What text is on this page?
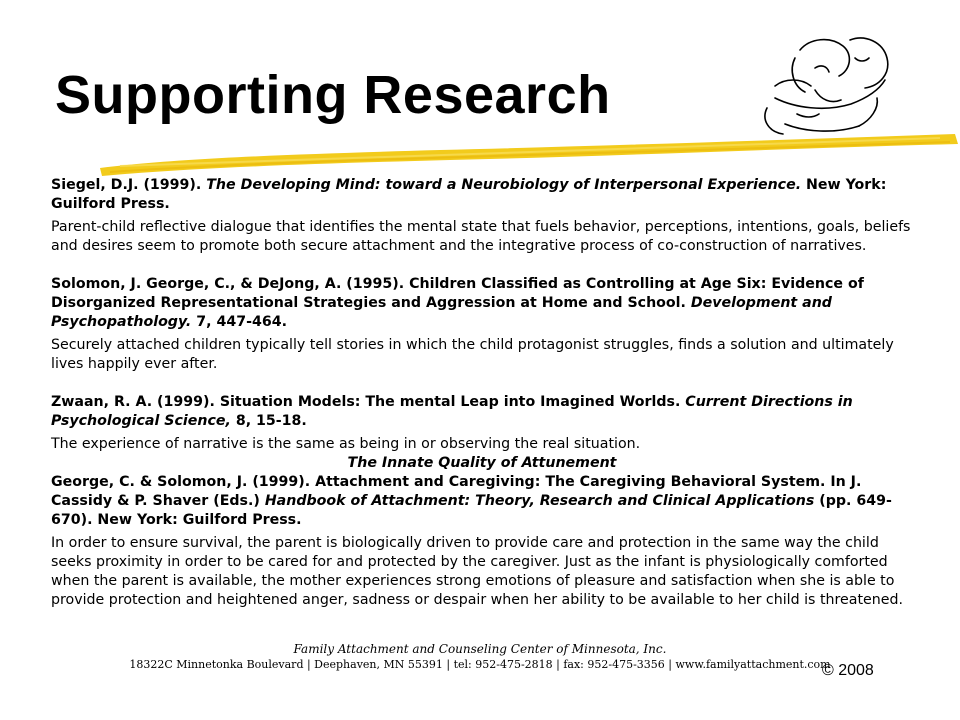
Supporting Research

Siegel, D.J. (1999). The Developing Mind: toward a Neurobiology of Interpersonal Experience. New York: Guilford Press.

Parent-child reflective dialogue that identifies the mental state that fuels behavior, perceptions, intentions, goals, beliefs and desires seem to promote both secure attachment and the integrative process of co-construction of narratives.

Solomon, J. George, C., & DeJong, A. (1995). Children Classified as Controlling at Age Six: Evidence of Disorganized Representational Strategies and Aggression at Home and School. Development and Psychopathology. 7, 447-464.

Securely attached children typically tell stories in which the child protagonist struggles, finds a solution and ultimately lives happily ever after.

Zwaan, R. A. (1999). Situation Models: The mental Leap into Imagined Worlds. Current Directions in Psychological Science, 8, 15-18.

The experience of narrative is the same as being in or observing the real situation.

The Innate Quality of Attunement

George, C. & Solomon, J. (1999). Attachment and Caregiving: The Caregiving Behavioral System. In J. Cassidy & P. Shaver (Eds.) Handbook of Attachment: Theory, Research and Clinical Applications (pp. 649-670). New York: Guilford Press.

In order to ensure survival, the parent is biologically driven to provide care and protection in the same way the child seeks proximity in order to be cared for and protected by the caregiver. Just as the infant is physiologically comforted when the parent is available, the mother experiences strong emotions of pleasure and satisfaction when she is able to provide protection and heightened anger, sadness or despair when her ability to be available to her child is threatened.

Family Attachment and Counseling Center of Minnesota, Inc.
18322C Minnetonka Boulevard | Deephaven, MN 55391 | tel: 952-475-2818 | fax: 952-475-3356 | www.familyattachment.com
© 2008
